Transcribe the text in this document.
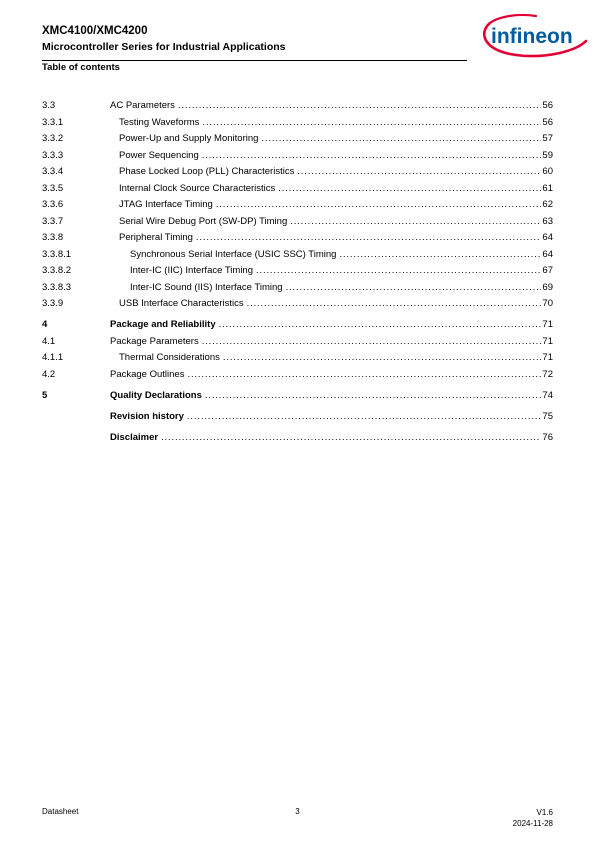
XMC4100/XMC4200
Microcontroller Series for Industrial Applications
Table of contents
infineon
3.3	AC Parameters . . .	56
3.3.1	Testing Waveforms . . .	56
3.3.2	Power-Up and Supply Monitoring . . .	57
3.3.3	Power Sequencing . . .	59
3.3.4	Phase Locked Loop (PLL) Characteristics . . .	60
3.3.5	Internal Clock Source Characteristics . . .	61
3.3.6	JTAG Interface Timing . . .	62
3.3.7	Serial Wire Debug Port (SW-DP) Timing . . .	63
3.3.8	Peripheral Timing . . .	64
3.3.8.1	Synchronous Serial Interface (USIC SSC) Timing . . .	64
3.3.8.2	Inter-IC (IIC) Interface Timing . . .	67
3.3.8.3	Inter-IC Sound (IIS) Interface Timing . . .	69
3.3.9	USB Interface Characteristics . . .	70
4	Package and Reliability . . .	71
4.1	Package Parameters . . .	71
4.1.1	Thermal Considerations . . .	71
4.2	Package Outlines . . .	72
5	Quality Declarations . . .	74
Revision history . . .	75
Disclaimer . . .	76
Datasheet	3	V1.6
2024-11-28
